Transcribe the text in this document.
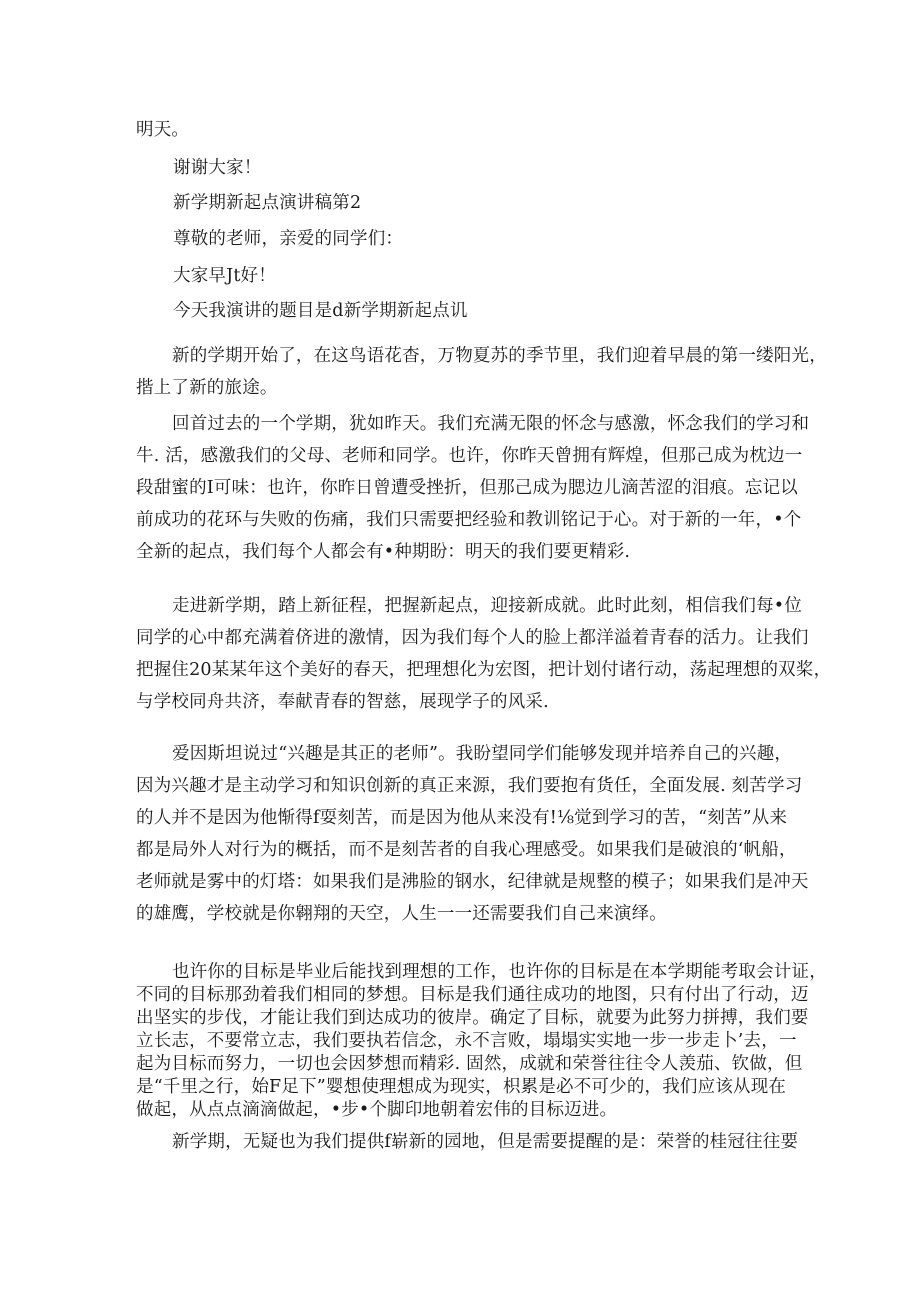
明天。
谢谢大家！
新学期新起点演讲稿第2
尊敬的老师，亲爱的同学们：
大家早Jt好！
今天我演讲的题目是d新学期新起点讥
新的学期开始了，在这鸟语花杳，万物夏苏的季节里，我们迎着早晨的第一缕阳光，
揩上了新的旅途。
回首过去的一个学期，犹如昨天。我们充满无限的怀念与感激，怀念我们的学习和
牛. 活，感激我们的父母、老师和同学。也许，你昨天曾拥有辉煌，但那己成为枕边一
段甜蜜的I可味：也许，你昨日曾遭受挫折，但那己成为腮边儿滴苦涩的泪痕。忘记以
前成功的花环与失败的伤痛，我们只需要把经验和教训铭记于心。对于新的一年，•个
全新的起点，我们每个人都会有•种期盼：明天的我们要更精彩.
走进新学期，踏上新征程，把握新起点，迎接新成就。此时此刻，相信我们每•位
同学的心中都充满着侪进的激情，因为我们每个人的脸上都洋溢着青春的活力。让我们
把握住20某某年这个美好的春天，把理想化为宏图，把计划付诸行动，荡起理想的双桨，
与学校同舟共济，奉献青春的智慈，展现学子的风采.
爱因斯坦说过“兴趣是其正的老师”。我盼望同学们能够发现并培养自己的兴趣，
因为兴趣才是主动学习和知识创新的真正来源，我们要抱有货任，全面发展. 刻苦学习
的人并不是因为他惭得f耍刻苦，而是因为他从来没有!⅛觉到学习的苦，“刻苦”从来
都是局外人对行为的概括，而不是刻苦者的自我心理感受。如果我们是破浪的‘帆船，
老师就是雾中的灯塔：如果我们是沸脸的钢水，纪律就是规整的模子；如果我们是冲天
的雄鹰，学校就是你翱翔的天空，人生一一还需要我们自己来演绎。
也许你的目标是毕业后能找到理想的工作，也许你的目标是在本学期能考取会计证，
不同的目标那劲着我们相同的梦想。目标是我们通往成功的地图，只有付出了行动，迈
出坚实的步伐，才能让我们到达成功的彼岸。确定了目标，就要为此努力拼搏，我们要
立长志，不要常立志，我们要执若信念，永不言败，塌塌实实地一步一步走卜’去，一
起为目标而努力，一切也会因梦想而精彩. 固然，成就和荣誉往往令人羡茄、钦做，但
是“千里之行，始F足下”婴想使理想成为现实，枳累是必不可少的，我们应该从现在
做起，从点点滴滴做起，•步•个脚印地朝着宏伟的目标迈进。
新学期，无疑也为我们提供f崭新的园地，但是需要提醒的是：荣誉的桂冠往往要
